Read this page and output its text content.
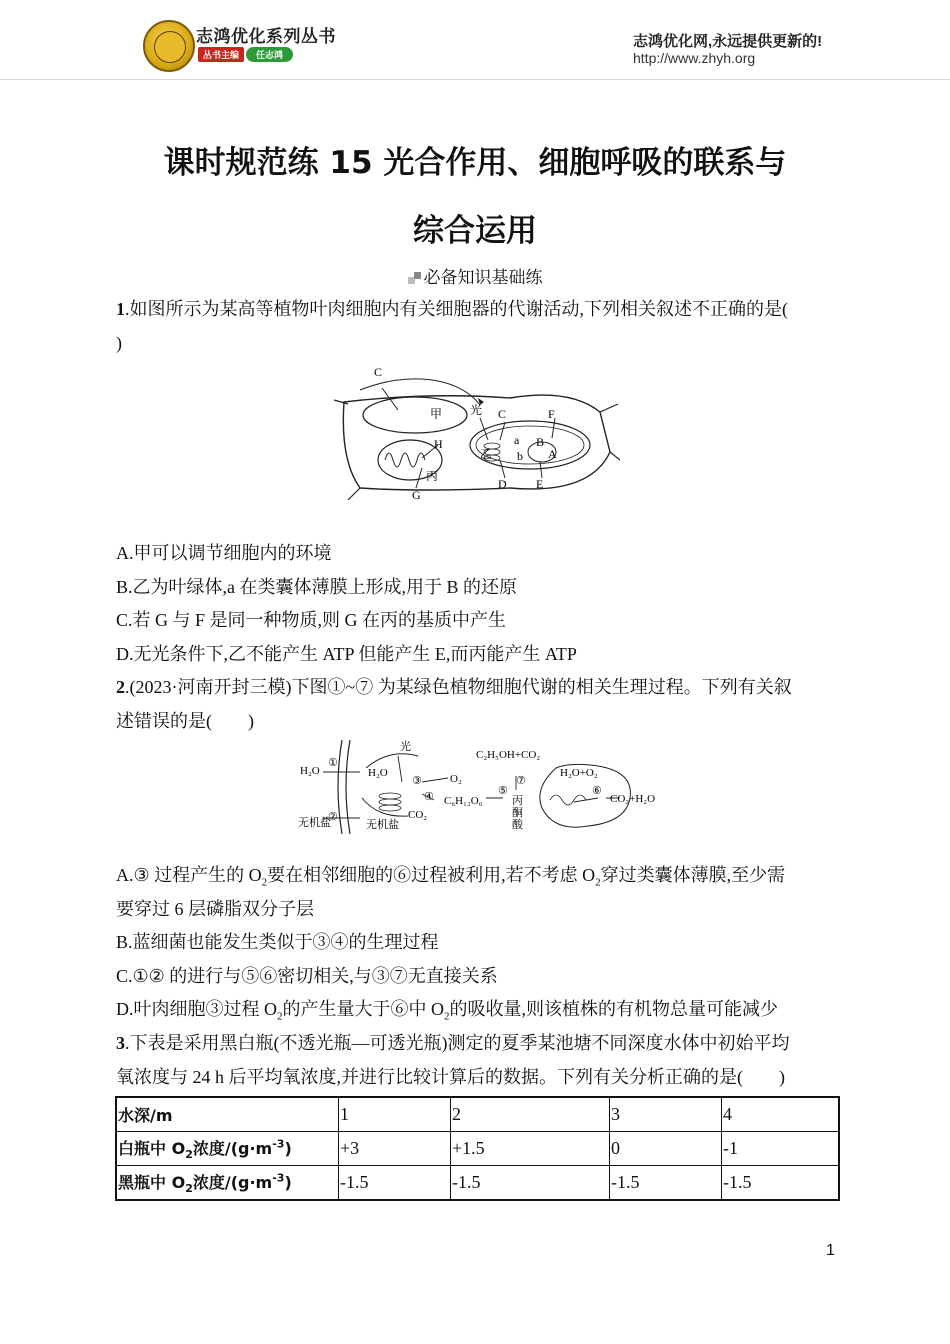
志鸿优化系列丛书
丛书主编 任志鸿
志鸿优化网,永远提供更新的!
http://www.zhyh.org
课时规范练 15 光合作用、细胞呼吸的联系与
综合运用
必备知识基础练
1.如图所示为某高等植物叶肉细胞内有关细胞器的代谢活动,下列相关叙述不正确的是(
)
C
甲 光 C	F
H	a B
乙 b A
丙
D E
G
A.甲可以调节细胞内的环境
B.乙为叶绿体,a 在类囊体薄膜上形成,用于 B 的还原
C.若 G 与 F 是同一种物质,则 G 在丙的基质中产生
D.无光条件下,乙不能产生 ATP 但能产生 E,而丙能产生 ATP
2.(2023·河南开封三模)下图①~⑦ 为某绿色植物细胞代谢的相关生理过程。下列有关叙
述错误的是(　　)
H₂O
①
光
H₂O
③	O₂
④ C₆H₁₂O₆
CO₂
⑤
⑦
丙
酮
酸
C₂H₅OH+CO₂
H₂O+O₂
⑥
CO₂+H₂O
无机盐
②
无机盐
A.③ 过程产生的 $O_2$要在相邻细胞的⑥过程被利用,若不考虑 $O_2$穿过类囊体薄膜,至少需
要穿过 6 层磷脂双分子层
B.蓝细菌也能发生类似于③④的生理过程
C.①② 的进行与⑤⑥密切相关,与③⑦无直接关系
D.叶肉细胞③过程 $O_2$的产生量大于⑥中 $O_2$的吸收量,则该植株的有机物总量可能减少
3.下表是采用黑白瓶(不透光瓶—可透光瓶)测定的夏季某池塘不同深度水体中初始平均
氧浓度与 24 h 后平均氧浓度,并进行比较计算后的数据。下列有关分析正确的是(　　)
水深/m	1	2	3	4
白瓶中 $O_2$浓度$/(g\cdot m^{-3})$	+3	+1.5	0	-1
黑瓶中 $O_2$浓度$/(g\cdot m^{-3})$	-1.5	-1.5	-1.5	-1.5
1
